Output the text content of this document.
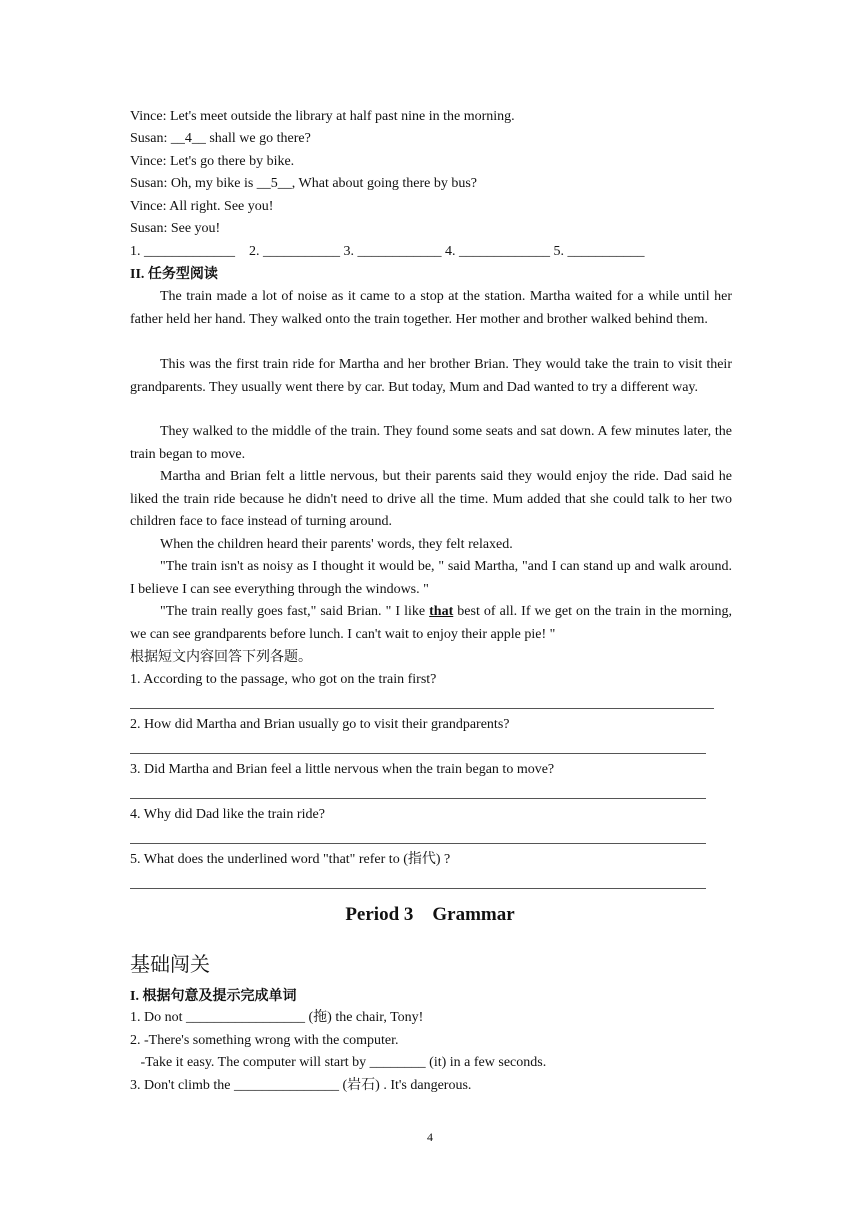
Vince: Let's meet outside the library at half past nine in the morning.
Susan: __4__ shall we go there?
Vince: Let's go there by bike.
Susan: Oh, my bike is __5__, What about going there by bus?
Vince: All right. See you!
Susan: See you!
1. _____________    2. ___________ 3. ____________ 4. _____________ 5. ___________
II. 任务型阅读
The train made a lot of noise as it came to a stop at the station. Martha waited for a while until her father held her hand. They walked onto the train together. Her mother and brother walked behind them.
This was the first train ride for Martha and her brother Brian. They would take the train to visit their grandparents. They usually went there by car. But today, Mum and Dad wanted to try a different way.
They walked to the middle of the train. They found some seats and sat down. A few minutes later, the train began to move.
Martha and Brian felt a little nervous, but their parents said they would enjoy the ride. Dad said he liked the train ride because he didn't need to drive all the time. Mum added that she could talk to her two children face to face instead of turning around.
When the children heard their parents' words, they felt relaxed.
"The train isn't as noisy as I thought it would be, " said Martha, "and I can stand up and walk around. I believe I can see everything through the windows. "
"The train really goes fast," said Brian. " I like that best of all. If we get on the train in the morning, we can see grandparents before lunch. I can't wait to enjoy their apple pie! "
根据短文内容回答下列各题。
1. According to the passage, who got on the train first?
2. How did Martha and Brian usually go to visit their grandparents?
3. Did Martha and Brian feel a little nervous when the train began to move?
4. Why did Dad like the train ride?
5. What does the underlined word "that" refer to (指代) ?
Period 3    Grammar
基础闯关
I. 根据句意及提示完成单词
1. Do not _________________ (拖) the chair, Tony!
2. -There's something wrong with the computer.
-Take it easy. The computer will start by ________ (it) in a few seconds.
3. Don't climb the _______________ (岩石) . It's dangerous.
4
